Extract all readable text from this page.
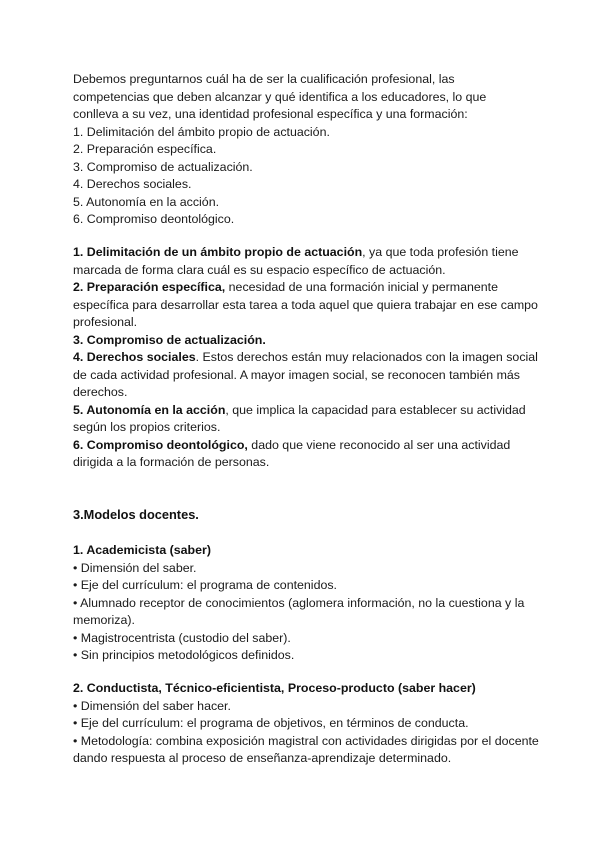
Debemos preguntarnos cuál ha de ser la cualificación profesional, las
competencias que deben alcanzar y qué identifica a los educadores, lo que
conlleva a su vez, una identidad profesional específica y una formación:
1. Delimitación del ámbito propio de actuación.
2. Preparación específica.
3. Compromiso de actualización.
4. Derechos sociales.
5. Autonomía en la acción.
6. Compromiso deontológico.

1. Delimitación de un ámbito propio de actuación, ya que toda profesión tiene marcada de forma clara cuál es su espacio específico de actuación.

2. Preparación específica, necesidad de una formación inicial y permanente específica para desarrollar esta tarea a toda aquel que quiera trabajar en ese campo profesional.

3. Compromiso de actualización.

4. Derechos sociales. Estos derechos están muy relacionados con la imagen social de cada actividad profesional. A mayor imagen social, se reconocen también más derechos.

5. Autonomía en la acción, que implica la capacidad para establecer su actividad según los propios criterios.

6. Compromiso deontológico, dado que viene reconocido al ser una actividad dirigida a la formación de personas.

3.Modelos docentes.
1. Academicista (saber)
• Dimensión del saber.
• Eje del currículum: el programa de contenidos.
• Alumnado receptor de conocimientos (aglomera información, no la cuestiona y la memoriza).
• Magistrocentrista (custodio del saber).
• Sin principios metodológicos definidos.
2. Conductista, Técnico-eficientista, Proceso-producto (saber hacer)
• Dimensión del saber hacer.
• Eje del currículum: el programa de objetivos, en términos de conducta.
• Metodología: combina exposición magistral con actividades dirigidas por el docente dando respuesta al proceso de enseñanza-aprendizaje determinado.
